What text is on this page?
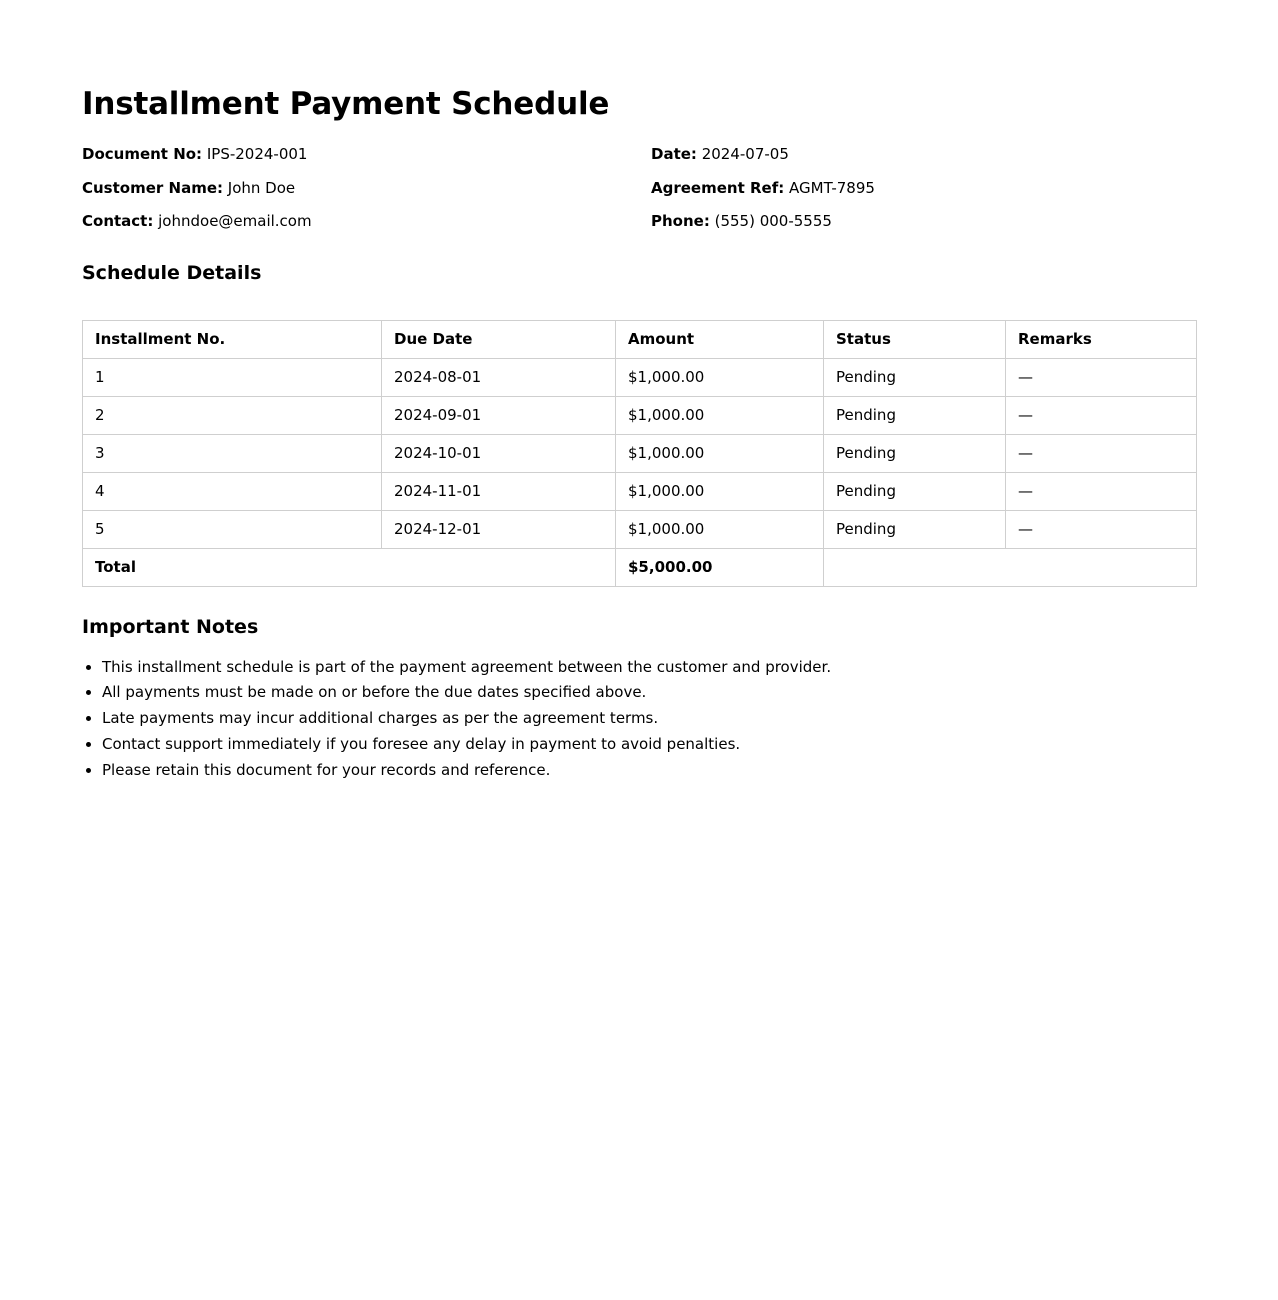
Installment Payment Schedule
Document No: IPS-2024-001	Date: 2024-07-05
Customer Name: John Doe	Agreement Ref: AGMT-7895
Contact: johndoe@email.com	Phone: (555) 000-5555
Schedule Details
Installment No.	Due Date	Amount	Status	Remarks
1	2024-08-01	$1,000.00	Pending	—
2	2024-09-01	$1,000.00	Pending	—
3	2024-10-01	$1,000.00	Pending	—
4	2024-11-01	$1,000.00	Pending	—
5	2024-12-01	$1,000.00	Pending	—
Total		$5,000.00		
Important Notes
• This installment schedule is part of the payment agreement between the customer and provider.
• All payments must be made on or before the due dates specified above.
• Late payments may incur additional charges as per the agreement terms.
• Contact support immediately if you foresee any delay in payment to avoid penalties.
• Please retain this document for your records and reference.
